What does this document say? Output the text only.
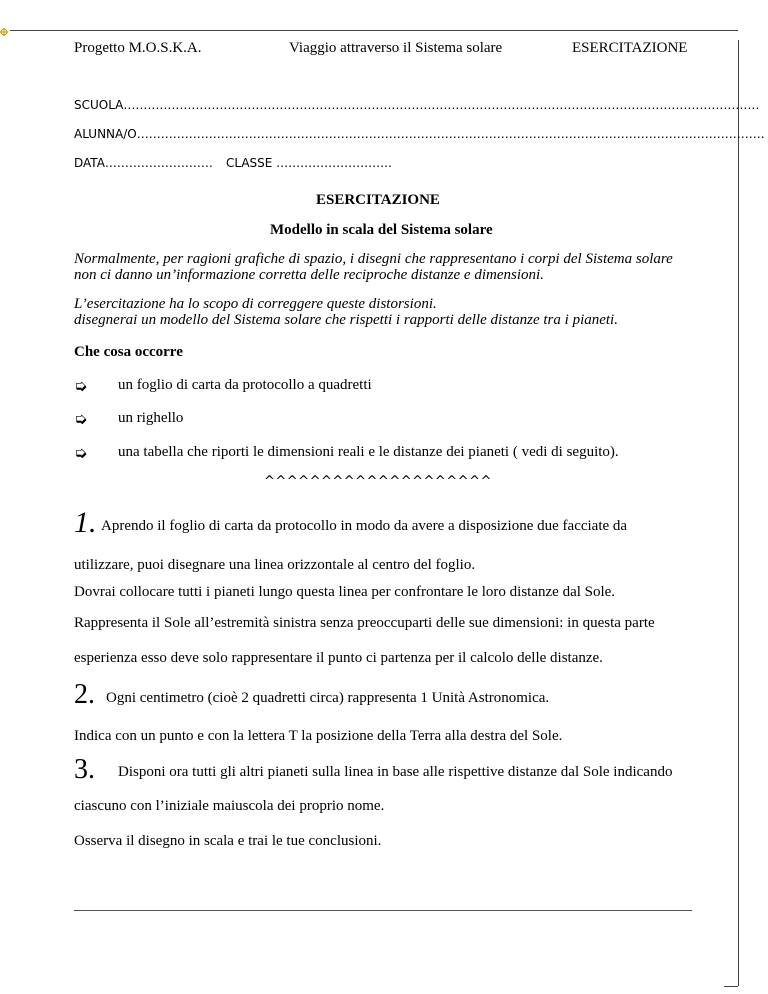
Progetto M.O.S.K.A.	Viaggio attraverso il Sistema solare	ESERCITAZIONE
SCUOLA……………………………………………………………………………………………………………………………………………
ALUNNA/O………………………………………………………………………………………………………………………………………….
DATA……………………… CLASSE ………………………..
ESERCITAZIONE
Modello in scala del Sistema solare
Normalmente, per ragioni grafiche di spazio, i disegni che rappresentano i corpi del Sistema solare
non ci danno un’informazione corretta delle reciproche distanze e dimensioni.
L’esercitazione ha lo scopo di correggere queste distorsioni.
disegnerai un modello del Sistema solare che rispetti i rapporti delle distanze tra i pianeti.
Che cosa occorre
➭ un foglio di carta da protocollo a quadretti
➭ un righello
➭ una tabella che riporti le dimensioni reali e le distanze dei pianeti ( vedi di seguito).
^^^^^^^^^^^^^^^^^^^^
1. Aprendo il foglio di carta da protocollo in modo da avere a disposizione due facciate da
utilizzare, puoi disegnare una linea orizzontale al centro del foglio.
Dovrai collocare tutti i pianeti lungo questa linea per confrontare le loro distanze dal Sole.
Rappresenta il Sole all’estremità sinistra senza preoccuparti delle sue dimensioni: in questa parte
esperienza esso deve solo rappresentare il punto ci partenza per il calcolo delle distanze.
2. Ogni centimetro (cioè 2 quadretti circa) rappresenta 1 Unità Astronomica.
Indica con un punto e con la lettera T la posizione della Terra alla destra del Sole.
3. Disponi ora tutti gli altri pianeti sulla linea in base alle rispettive distanze dal Sole indicando
ciascuno con l’iniziale maiuscola dei proprio nome.
Osserva il disegno in scala e trai le tue conclusioni.
